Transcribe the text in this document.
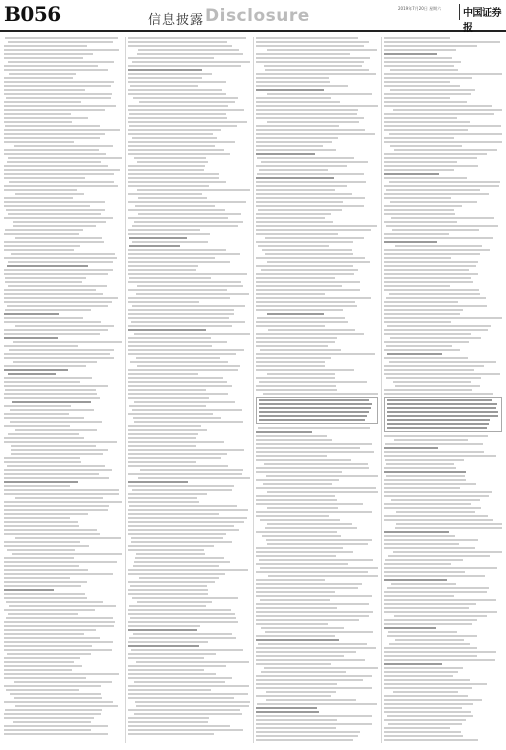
B056	信息披露 Disclosure	2019年7月20日 星期六 中国证券报
